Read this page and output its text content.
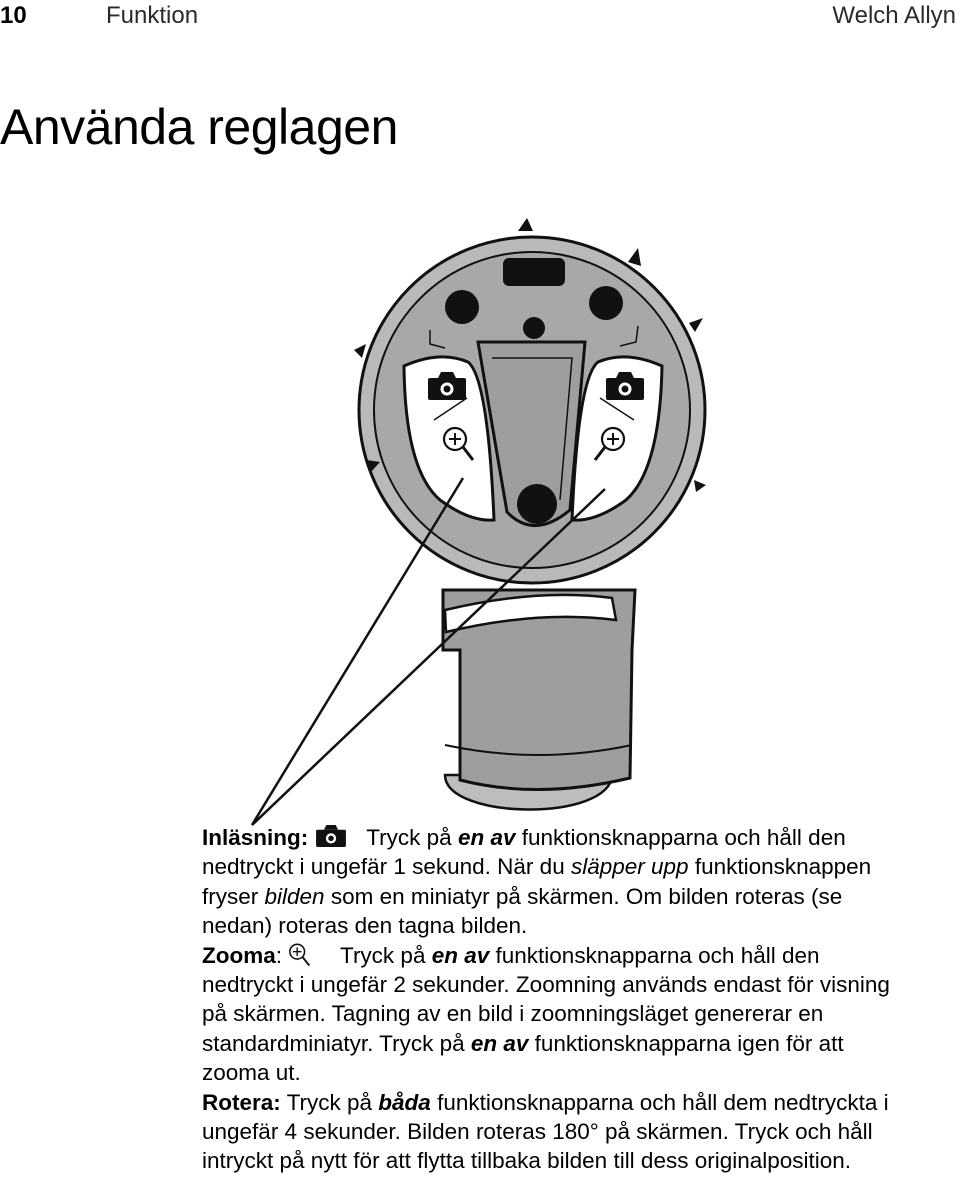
10	Funktion	Welch Allyn
Använda reglagen

Inläsning:	Tryck på en av funktionsknapparna och håll den nedtryckt i ungefär 1 sekund. När du släpper upp funktionsknappen fryser bilden som en miniatyr på skärmen. Om bilden roteras (se nedan) roteras den tagna bilden.

Zooma:	Tryck på en av funktionsknapparna och håll den nedtryckt i ungefär 2 sekunder. Zoomning används endast för visning på skärmen. Tagning av en bild i zoomningsläget genererar en standardminiatyr. Tryck på en av funktionsknapparna igen för att zooma ut.

Rotera: Tryck på båda funktionsknapparna och håll dem nedtryckta i ungefär 4 sekunder. Bilden roteras 180° på skärmen. Tryck och håll intryckt på nytt för att flytta tillbaka bilden till dess originalposition.
